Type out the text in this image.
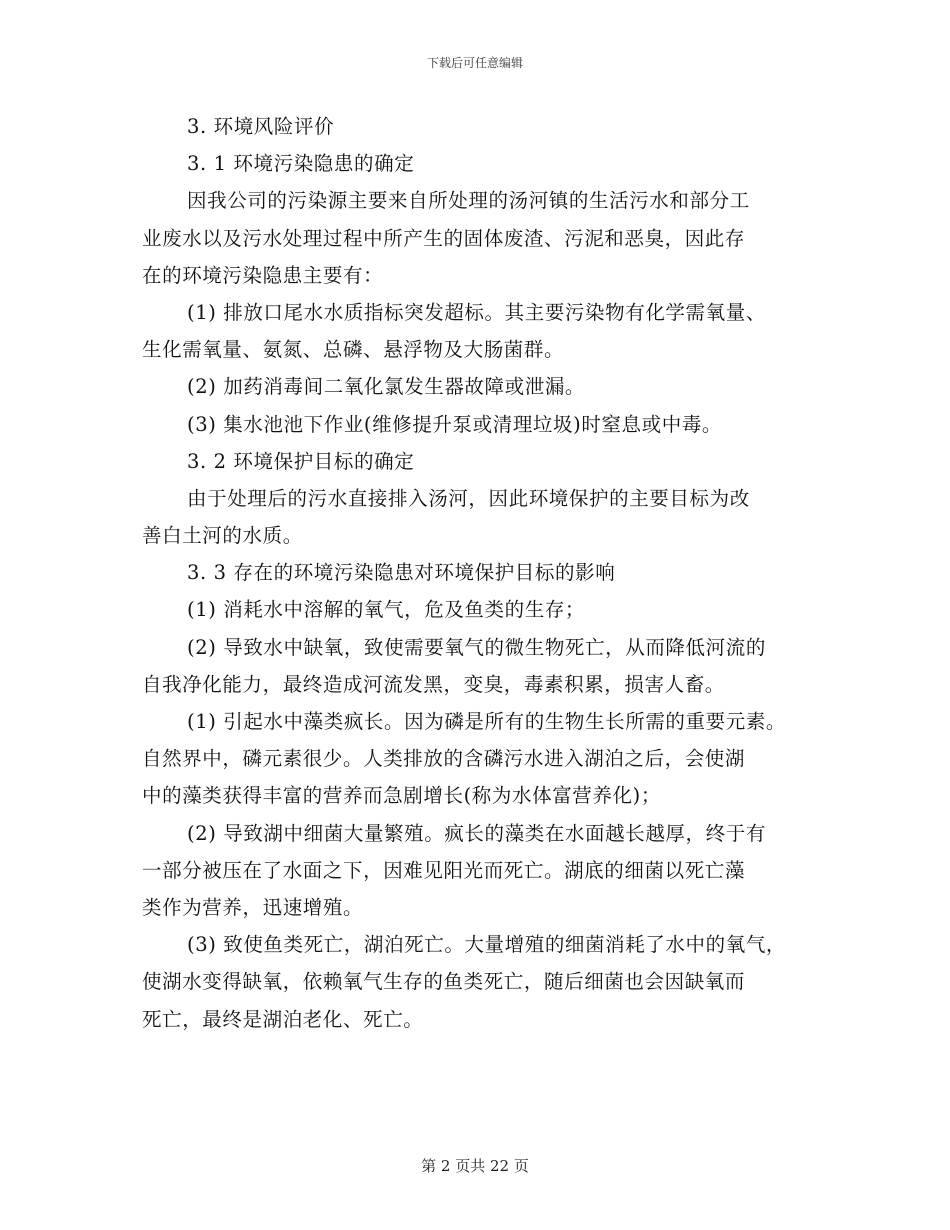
下载后可任意编辑
3. 环境风险评价
3. 1 环境污染隐患的确定
因我公司的污染源主要来自所处理的汤河镇的生活污水和部分工
业废水以及污水处理过程中所产生的固体废渣、污泥和恶臭，因此存
在的环境污染隐患主要有：
(1) 排放口尾水水质指标突发超标。其主要污染物有化学需氧量、
生化需氧量、氨氮、总磷、悬浮物及大肠菌群。
(2) 加药消毒间二氧化氯发生器故障或泄漏。
(3) 集水池池下作业(维修提升泵或清理垃圾)时窒息或中毒。
3. 2 环境保护目标的确定
由于处理后的污水直接排入汤河，因此环境保护的主要目标为改
善白土河的水质。
3. 3 存在的环境污染隐患对环境保护目标的影响
(1) 消耗水中溶解的氧气，危及鱼类的生存；
(2) 导致水中缺氧，致使需要氧气的微生物死亡，从而降低河流的
自我净化能力，最终造成河流发黑，变臭，毒素积累，损害人畜。
(1) 引起水中藻类疯长。因为磷是所有的生物生长所需的重要元素。
自然界中，磷元素很少。人类排放的含磷污水进入湖泊之后，会使湖
中的藻类获得丰富的营养而急剧增长(称为水体富营养化)；
(2) 导致湖中细菌大量繁殖。疯长的藻类在水面越长越厚，终于有
一部分被压在了水面之下，因难见阳光而死亡。湖底的细菌以死亡藻
类作为营养，迅速增殖。
(3) 致使鱼类死亡，湖泊死亡。大量增殖的细菌消耗了水中的氧气，
使湖水变得缺氧，依赖氧气生存的鱼类死亡，随后细菌也会因缺氧而
死亡，最终是湖泊老化、死亡。
第 2 页共 22 页
